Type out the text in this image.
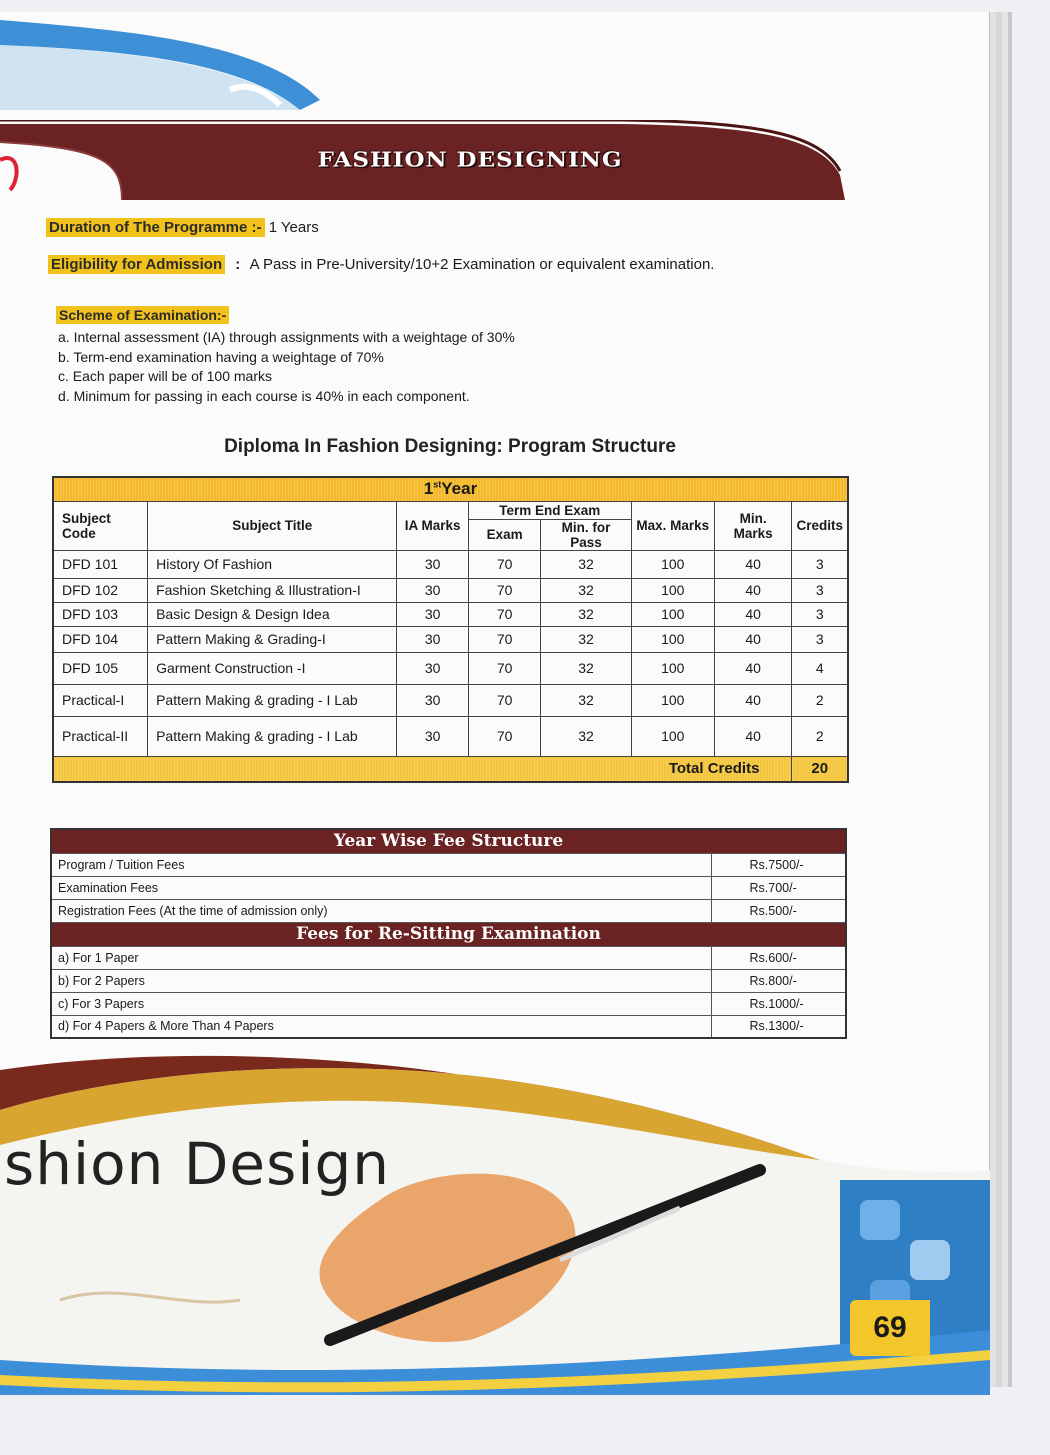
FASHION DESIGNING
Duration of The Programme :- 1 Years
Eligibility for Admission : A Pass in Pre-University/10+2 Examination or equivalent examination.
Scheme of Examination:-
a. Internal assessment (IA) through assignments with a weightage of 30%
b. Term-end examination having a weightage of 70%
c. Each paper will be of 100 marks
d. Minimum for passing in each course is 40% in each component.
Diploma In Fashion Designing: Program Structure
1stYear							
Subject Code	Subject Title	IA Marks	Term End Exam		Max. Marks	Min. Marks	Credits
			Exam	Min. for Pass			
DFD 101	History Of Fashion	30	70	32	100	40	3
DFD 102	Fashion Sketching & Illustration-I	30	70	32	100	40	3
DFD 103	Basic Design & Design Idea	30	70	32	100	40	3
DFD 104	Pattern Making & Grading-I	30	70	32	100	40	3
DFD 105	Garment Construction -I	30	70	32	100	40	4
Practical-I	Pattern Making & grading - I Lab	30	70	32	100	40	2
Practical-II	Pattern Making & grading - I Lab	30	70	32	100	40	2
Total Credits							20
Year Wise Fee Structure	
Program / Tuition Fees	Rs.7500/-
Examination Fees	Rs.700/-
Registration Fees (At the time of admission only)	Rs.500/-
Fees for Re-Sitting Examination	
a) For 1 Paper	Rs.600/-
b) For 2 Papers	Rs.800/-
c) For 3 Papers	Rs.1000/-
d) For 4 Papers & More Than 4 Papers	Rs.1300/-
shion Design
69
